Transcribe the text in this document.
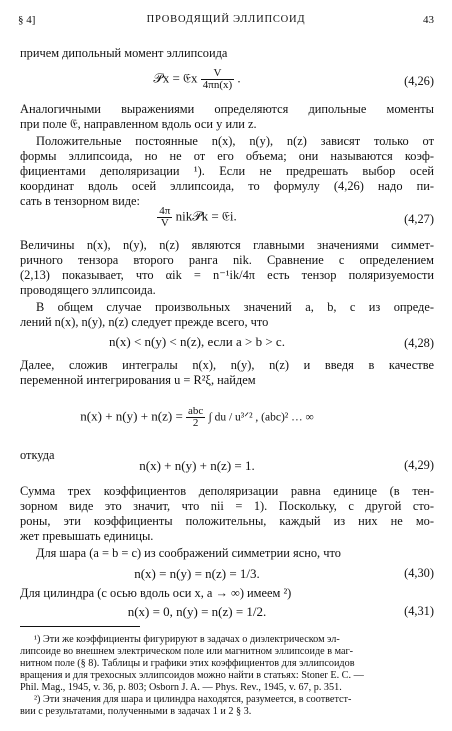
§ 4]	ПРОВОДЯЩИЙ ЭЛЛИПСОИД	43
причем дипольный момент эллипсоида
𝒫x = 𝔈x $\frac{V}{4\pi n(x)}$ .	(4,26)
Аналогичными выражениями определяются дипольные моменты
при поле 𝔈, направленном вдоль оси y или z.
Положительные постоянные n(x), n(y), n(z) зависят только от
формы эллипсоида, но не от его объема; они называются коэф-
фициентами деполяризации ¹). Если не предрешать выбор осей
координат вдоль осей эллипсоида, то формулу (4,26) надо пи-
сать в тензорном виде:
$\frac{4\pi}{V}$ nik𝒫k = 𝔈i.	(4,27)
Величины n(x), n(y), n(z) являются главными значениями симмет-
ричного тензора второго ранга nik. Сравнение с определением
(2,13) показывает, что αik = n⁻¹ik/4π есть тензор поляризуемости
проводящего эллипсоида.
В общем случае произвольных значений a, b, c из опреде-
лений n(x), n(y), n(z) следует прежде всего, что
n(x) < n(y) < n(z), если a > b > c.	(4,28)
Далее, сложив интегралы n(x), n(y), n(z) и введя в качестве
переменной интегрирования u = R²ξ, найдем
$n(x) + n(y) + n(z) = \frac{\text{abc}}{2}$ ∫ du / u³ᐟ² , (abc)² … ∞
откуда
n(x) + n(y) + n(z) = 1.	(4,29)
Сумма трех коэффициентов деполяризации равна единице (в тен-
зорном виде это значит, что nii = 1). Поскольку, с другой сто-
роны, эти коэффициенты положительны, каждый из них не мо-
жет превышать единицы.
Для шара (a = b = c) из соображений симметрии ясно, что
n(x) = n(y) = n(z) = 1/3.	(4,30)
Для цилиндра (с осью вдоль оси x, a → ∞) имеем ²)
n(x) = 0, n(y) = n(z) = 1/2.	(4,31)
¹) Эти же коэффициенты фигурируют в задачах о диэлектрическом эл-
липсоиде во внешнем электрическом поле или магнитном эллипсоиде в маг-
нитном поле (§ 8). Таблицы и графики этих коэффициентов для эллипсоидов
вращения и для трехосных эллипсоидов можно найти в статьях: Stoner E. C. —
Phil. Mag., 1945, v. 36, p. 803; Osborn J. A. — Phys. Rev., 1945, v. 67, p. 351.
²) Эти значения для шара и цилиндра находятся, разумеется, в соответст-
вии с результатами, полученными в задачах 1 и 2 § 3.
